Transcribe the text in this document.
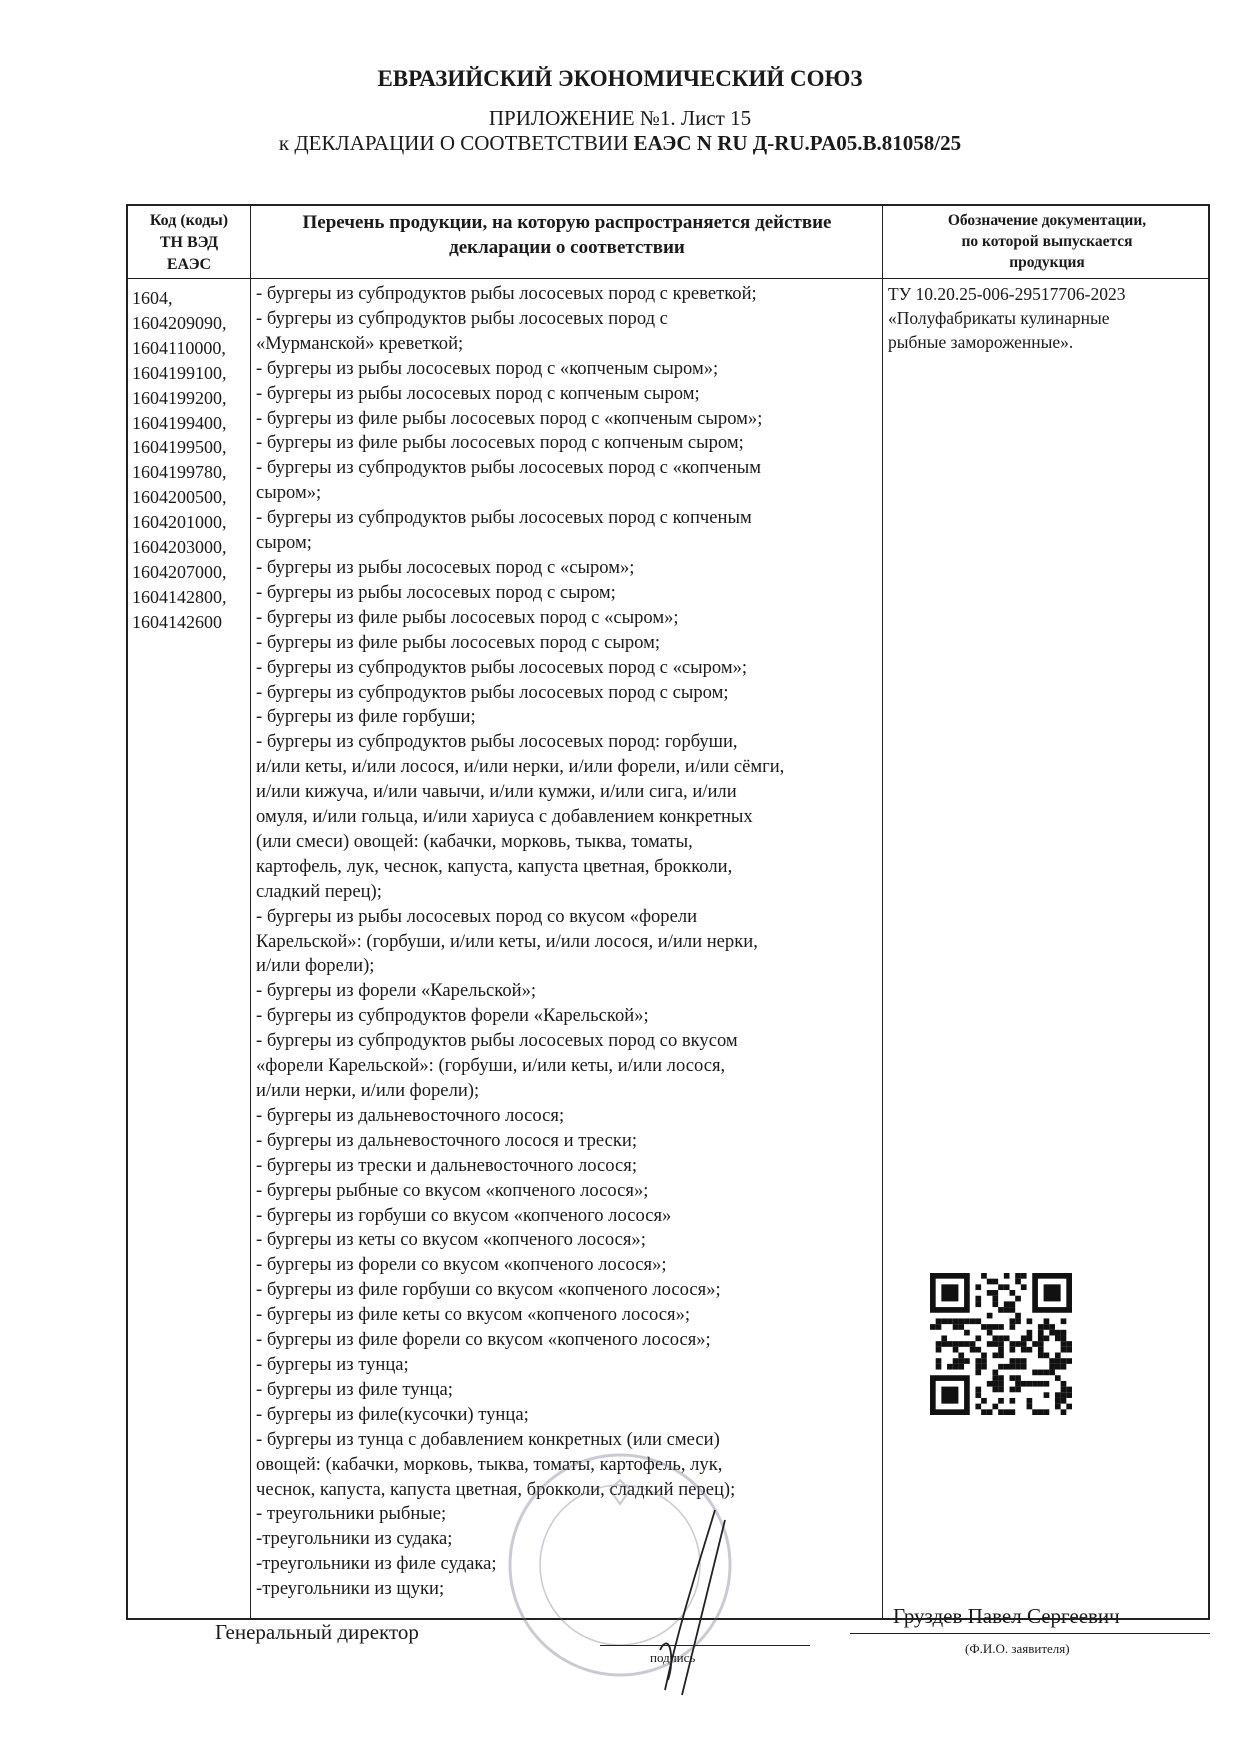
ЕВРАЗИЙСКИЙ ЭКОНОМИЧЕСКИЙ СОЮЗ
ПРИЛОЖЕНИЕ №1. Лист 15
к ДЕКЛАРАЦИИ О СООТВЕТСТВИИ ЕАЭС N RU Д-RU.PA05.B.81058/25
Код (коды)
ТН ВЭД
ЕАЭС
Перечень продукции, на которую распространяется действие
декларации о соответствии
Обозначение документации,
по которой выпускается
продукция
1604,
1604209090,
1604110000,
1604199100,
1604199200,
1604199400,
1604199500,
1604199780,
1604200500,
1604201000,
1604203000,
1604207000,
1604142800,
1604142600
- бургеры из субпродуктов рыбы лососевых пород с креветкой;
- бургеры из субпродуктов рыбы лососевых пород с
«Мурманской» креветкой;
- бургеры из рыбы лососевых пород с «копченым сыром»;
- бургеры из рыбы лососевых пород с копченым сыром;
- бургеры из филе рыбы лососевых пород с «копченым сыром»;
- бургеры из филе рыбы лососевых пород с копченым сыром;
- бургеры из субпродуктов рыбы лососевых пород с «копченым
сыром»;
- бургеры из субпродуктов рыбы лососевых пород с копченым
сыром;
- бургеры из рыбы лососевых пород с «сыром»;
- бургеры из рыбы лососевых пород с сыром;
- бургеры из филе рыбы лососевых пород с «сыром»;
- бургеры из филе рыбы лососевых пород с сыром;
- бургеры из субпродуктов рыбы лососевых пород с «сыром»;
- бургеры из субпродуктов рыбы лососевых пород с сыром;
- бургеры из филе горбуши;
- бургеры из субпродуктов рыбы лососевых пород: горбуши,
и/или кеты, и/или лосося, и/или нерки, и/или форели, и/или сёмги,
и/или кижуча, и/или чавычи, и/или кумжи, и/или сига, и/или
омуля, и/или гольца, и/или хариуса с добавлением конкретных
(или смеси) овощей: (кабачки, морковь, тыква, томаты,
картофель, лук, чеснок, капуста, капуста цветная, брокколи,
сладкий перец);
- бургеры из рыбы лососевых пород со вкусом «форели
Карельской»: (горбуши, и/или кеты, и/или лосося, и/или нерки,
и/или форели);
- бургеры из форели «Карельской»;
- бургеры из субпродуктов форели «Карельской»;
- бургеры из субпродуктов рыбы лососевых пород со вкусом
«форели Карельской»: (горбуши, и/или кеты, и/или лосося,
и/или нерки, и/или форели);
- бургеры из дальневосточного лосося;
- бургеры из дальневосточного лосося и трески;
- бургеры из трески и дальневосточного лосося;
- бургеры рыбные со вкусом «копченого лосося»;
- бургеры из горбуши со вкусом «копченого лосося»
- бургеры из кеты со вкусом «копченого лосося»;
- бургеры из форели со вкусом «копченого лосося»;
- бургеры из филе горбуши со вкусом «копченого лосося»;
- бургеры из филе кеты со вкусом «копченого лосося»;
- бургеры из филе форели со вкусом «копченого лосося»;
- бургеры из тунца;
- бургеры из филе тунца;
- бургеры из филе(кусочки) тунца;
- бургеры из тунца с добавлением конкретных (или смеси)
овощей: (кабачки, морковь, тыква, томаты, картофель, лук,
чеснок, капуста, капуста цветная, брокколи, сладкий перец);
- треугольники рыбные;
-треугольники из судака;
-треугольники из филе судака;
-треугольники из щуки;
ТУ 10.20.25-006-29517706-2023
«Полуфабрикаты кулинарные
рыбные замороженные».
Генеральный директор
подпись
Груздев Павел Сергеевич
(Ф.И.О. заявителя)
